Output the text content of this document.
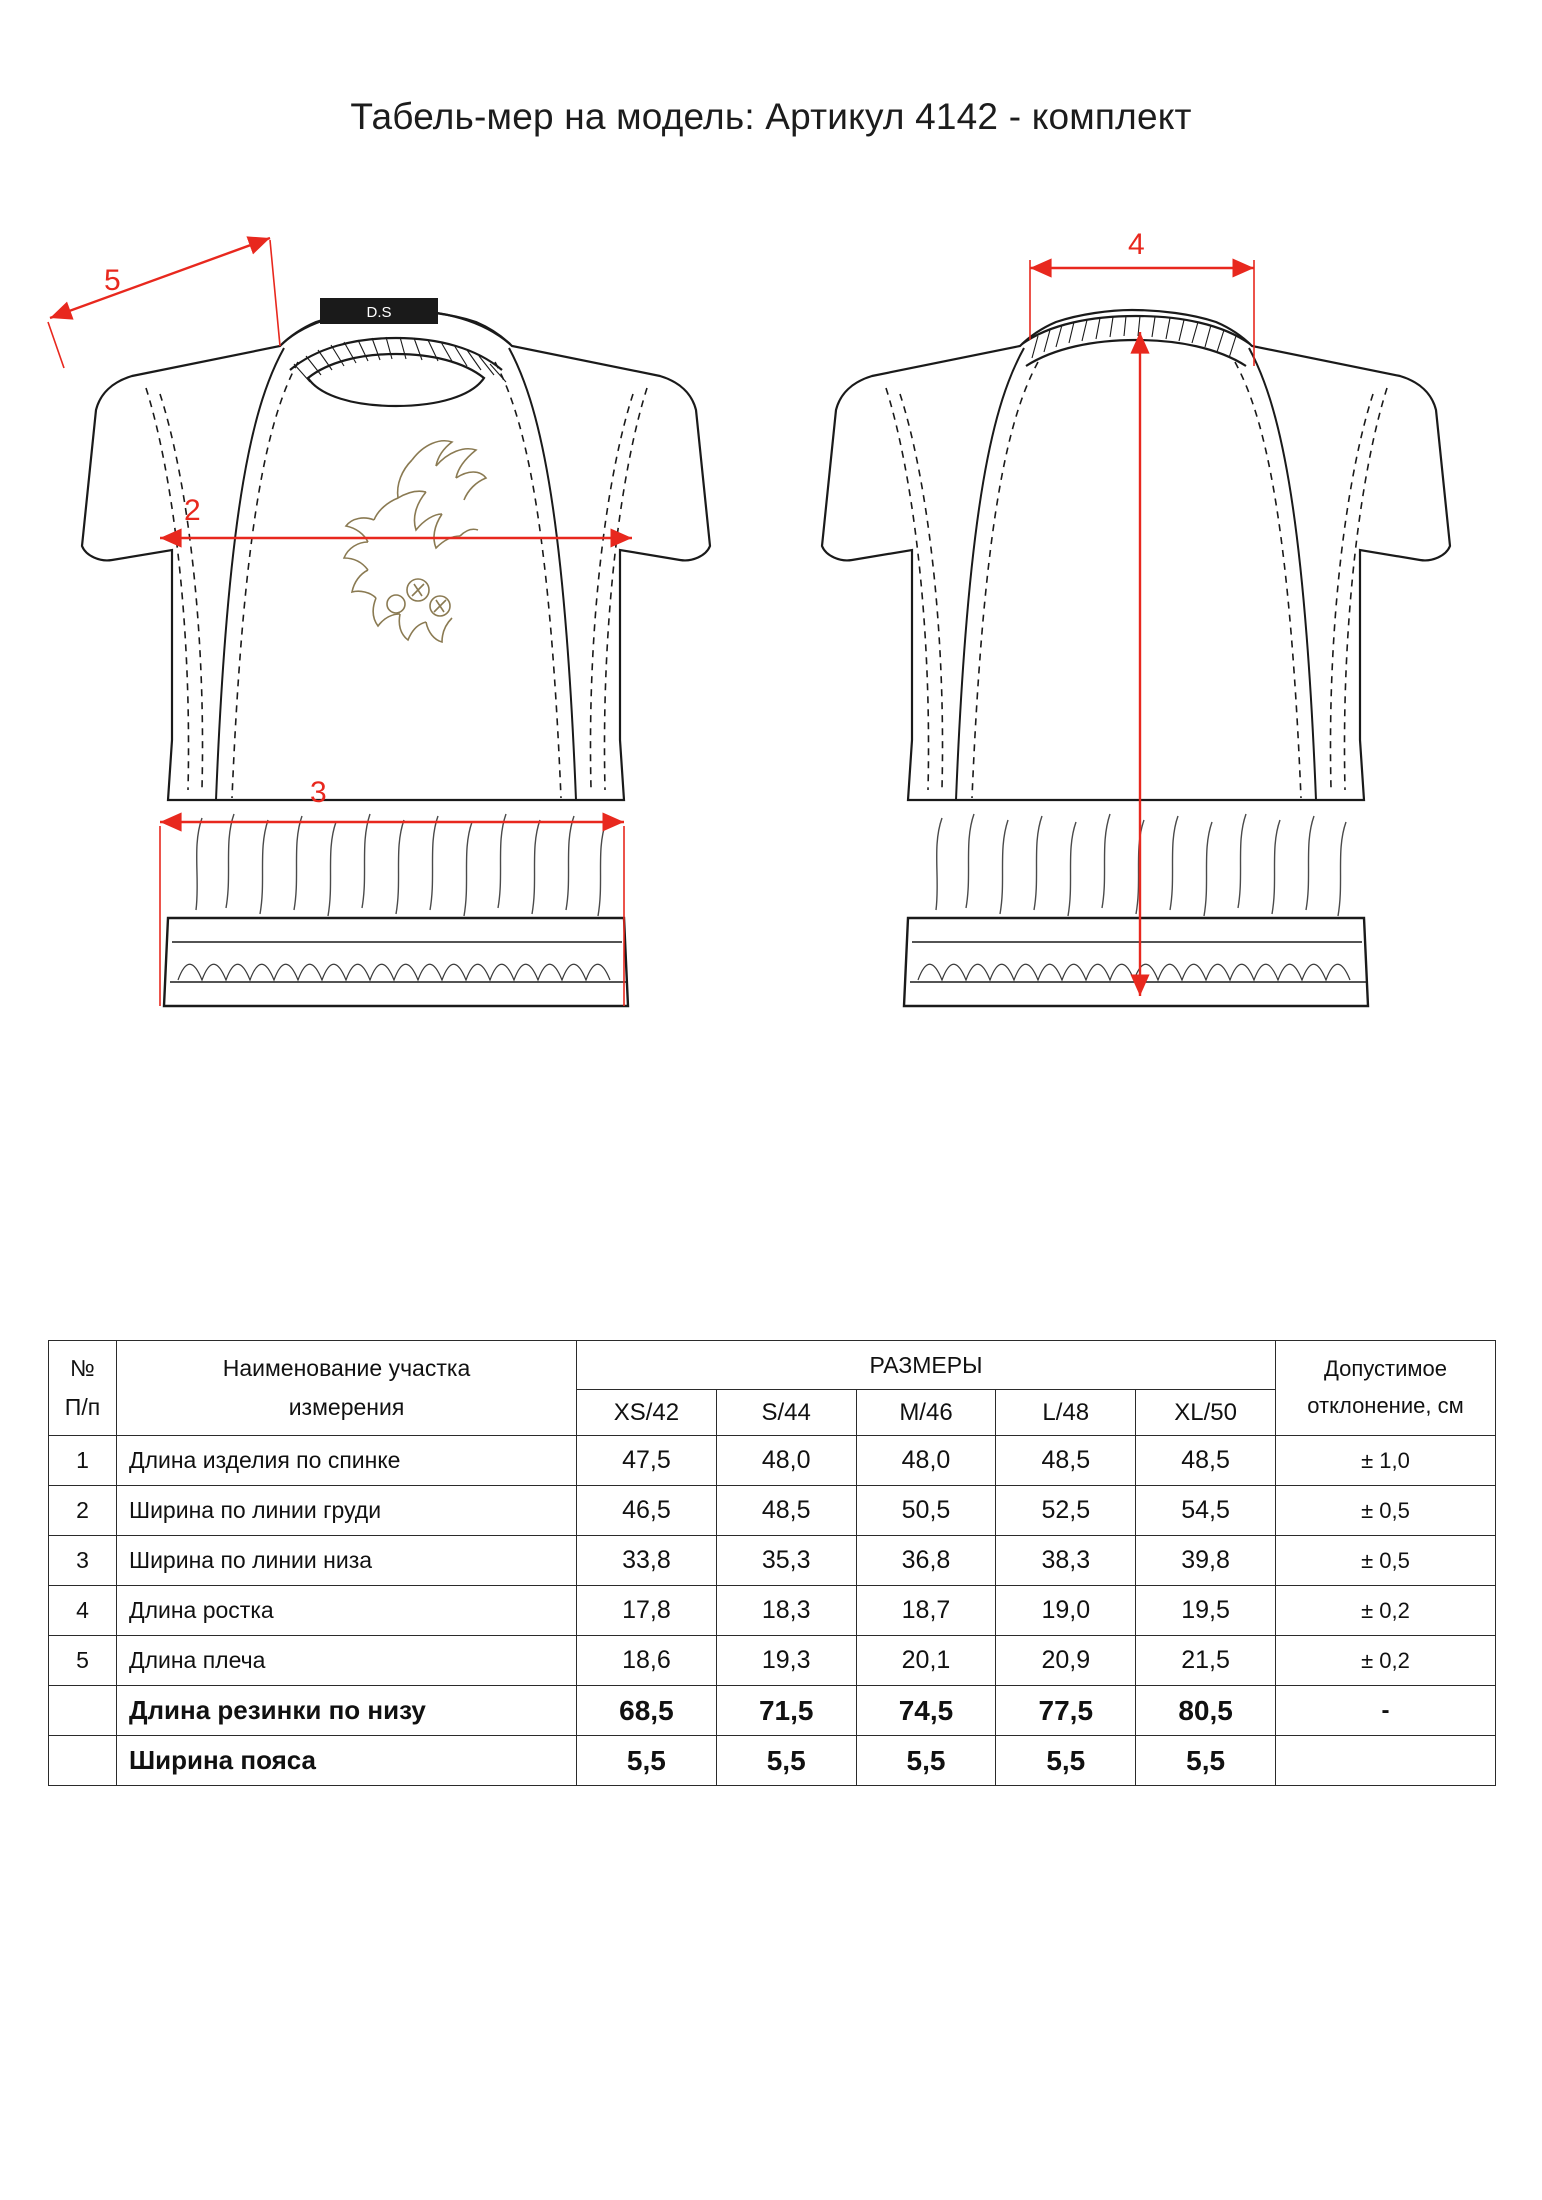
Табель-мер на модель: Артикул 4142 - комплект
D.S
5
2
3
4
№
П/п	Наименование участка
измерения	РАЗМЕРЫ					Допустимое
отклонение, см

		XS/42	S/44	M/46	L/48	XL/50	
1	Длина изделия по спинке	47,5	48,0	48,0	48,5	48,5	± 1,0
2	Ширина по линии груди	46,5	48,5	50,5	52,5	54,5	± 0,5
3	Ширина по линии низа	33,8	35,3	36,8	38,3	39,8	± 0,5
4	Длина ростка	17,8	18,3	18,7	19,0	19,5	± 0,2
5	Длина плеча	18,6	19,3	20,1	20,9	21,5	± 0,2
	Длина резинки по низу	68,5	71,5	74,5	77,5	80,5	-
	Ширина пояса	5,5	5,5	5,5	5,5	5,5	
